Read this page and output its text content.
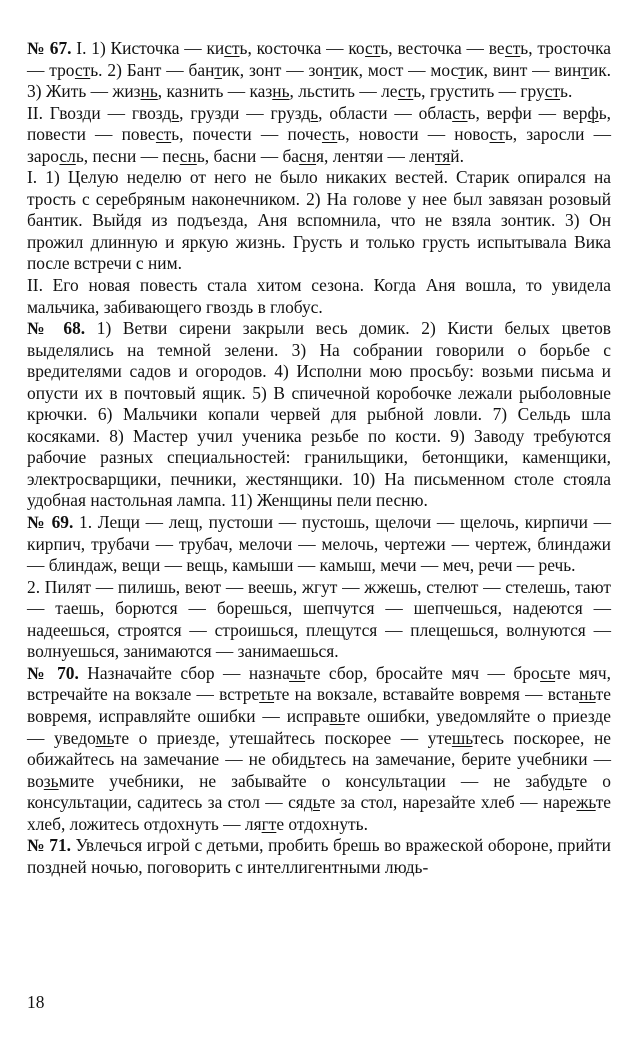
№ 67. I. 1) Кисточка — кисть, косточка — кость, весточка — весть, тросточка — трость. 2) Бант — бантик, зонт — зонтик, мост — мостик, винт — винтик. 3) Жить — жизнь, казнить — казнь, льстить — лесть, грустить — грусть.

II. Гвозди — гвоздь, грузди — груздь, области — область, верфи — верфь, повести — повесть, почести — почесть, новости — новость, заросли — заросль, песни — песнь, басни — басня, лентяи — лентяй.

I. 1) Целую неделю от него не было никаких вестей. Старик опирался на трость с серебряным наконечником. 2) На голове у нее был завязан розовый бантик. Выйдя из подъезда, Аня вспомнила, что не взяла зонтик. 3) Он прожил длинную и яркую жизнь. Грусть и только грусть испытывала Вика после встречи с ним.

II. Его новая повесть стала хитом сезона. Когда Аня вошла, то увидела мальчика, забивающего гвоздь в глобус.

№ 68. 1) Ветви сирени закрыли весь домик. 2) Кисти белых цветов выделялись на темной зелени. 3) На собрании говорили о борьбе с вредителями садов и огородов. 4) Исполни мою просьбу: возьми письма и опусти их в почтовый ящик. 5) В спичечной коробочке лежали рыболовные крючки. 6) Мальчики копали червей для рыбной ловли. 7) Сельдь шла косяками. 8) Мастер учил ученика резьбе по кости. 9) Заводу требуются рабочие разных специальностей: гранильщики, бетонщики, каменщики, электросварщики, печники, жестянщики. 10) На письменном столе стояла удобная настольная лампа. 11) Женщины пели песню.

№ 69. 1. Лещи — лещ, пустоши — пустошь, щелочи — щелочь, кирпичи — кирпич, трубачи — трубач, мелочи — мелочь, чертежи — чертеж, блиндажи — блиндаж, вещи — вещь, камыши — камыш, мечи — меч, речи — речь.

2. Пилят — пилишь, веют — веешь, жгут — жжешь, стелют — стелешь, тают — таешь, борются — борешься, шепчутся — шепчешься, надеются — надеешься, строятся — строишься, плещутся — плещешься, волнуются — волнуешься, занимаются — занимаешься.

№ 70. Назначайте сбор — назначьте сбор, бросайте мяч — бросьте мяч, встречайте на вокзале — встретьте на вокзале, вставайте вовремя — встаньте вовремя, исправляйте ошибки — исправьте ошибки, уведомляйте о приезде — уведомьте о приезде, утешайтесь поскорее — утешьтесь поскорее, не обижайтесь на замечание — не обидьтесь на замечание, берите учебники — возьмите учебники, не забывайте о консультации — не забудьте о консультации, садитесь за стол — сядьте за стол, нарезайте хлеб — нарежьте хлеб, ложитесь отдохнуть — лягте отдохнуть.

№ 71. Увлечься игрой с детьми, пробить брешь во вражеской обороне, прийти поздней ночью, поговорить с интеллигентными людь-

18
